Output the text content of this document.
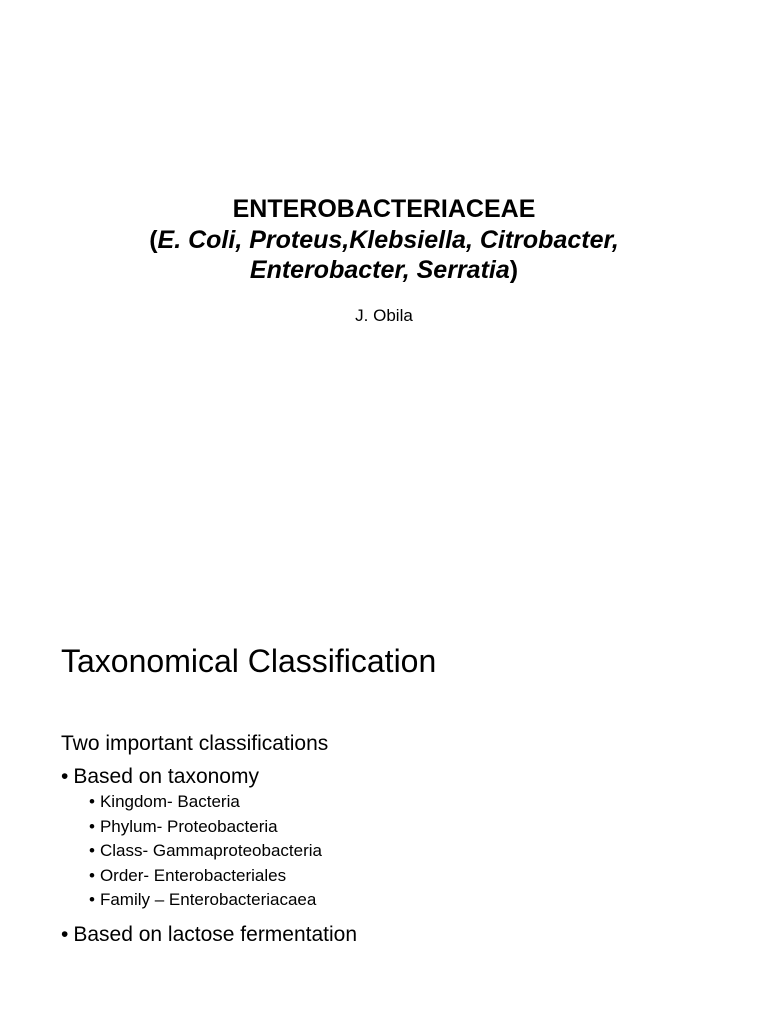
ENTEROBACTERIACEAE
(E. Coli, Proteus,Klebsiella, Citrobacter,
Enterobacter, Serratia)
J. Obila
Taxonomical Classification
Two important classifications
• Based on taxonomy
• Kingdom- Bacteria
• Phylum- Proteobacteria
• Class- Gammaproteobacteria
• Order- Enterobacteriales
• Family – Enterobacteriacaea
• Based on lactose fermentation
